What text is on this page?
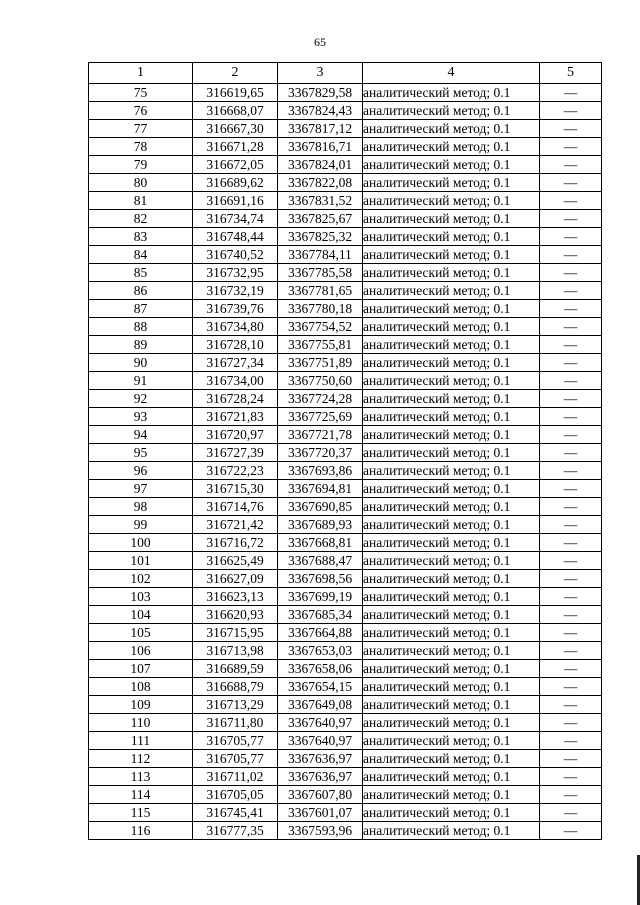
65
1	2	3	4	5
75	316619,65	3367829,58	аналитический метод; 0.1	—
76	316668,07	3367824,43	аналитический метод; 0.1	—
77	316667,30	3367817,12	аналитический метод; 0.1	—
78	316671,28	3367816,71	аналитический метод; 0.1	—
79	316672,05	3367824,01	аналитический метод; 0.1	—
80	316689,62	3367822,08	аналитический метод; 0.1	—
81	316691,16	3367831,52	аналитический метод; 0.1	—
82	316734,74	3367825,67	аналитический метод; 0.1	—
83	316748,44	3367825,32	аналитический метод; 0.1	—
84	316740,52	3367784,11	аналитический метод; 0.1	—
85	316732,95	3367785,58	аналитический метод; 0.1	—
86	316732,19	3367781,65	аналитический метод; 0.1	—
87	316739,76	3367780,18	аналитический метод; 0.1	—
88	316734,80	3367754,52	аналитический метод; 0.1	—
89	316728,10	3367755,81	аналитический метод; 0.1	—
90	316727,34	3367751,89	аналитический метод; 0.1	—
91	316734,00	3367750,60	аналитический метод; 0.1	—
92	316728,24	3367724,28	аналитический метод; 0.1	—
93	316721,83	3367725,69	аналитический метод; 0.1	—
94	316720,97	3367721,78	аналитический метод; 0.1	—
95	316727,39	3367720,37	аналитический метод; 0.1	—
96	316722,23	3367693,86	аналитический метод; 0.1	—
97	316715,30	3367694,81	аналитический метод; 0.1	—
98	316714,76	3367690,85	аналитический метод; 0.1	—
99	316721,42	3367689,93	аналитический метод; 0.1	—
100	316716,72	3367668,81	аналитический метод; 0.1	—
101	316625,49	3367688,47	аналитический метод; 0.1	—
102	316627,09	3367698,56	аналитический метод; 0.1	—
103	316623,13	3367699,19	аналитический метод; 0.1	—
104	316620,93	3367685,34	аналитический метод; 0.1	—
105	316715,95	3367664,88	аналитический метод; 0.1	—
106	316713,98	3367653,03	аналитический метод; 0.1	—
107	316689,59	3367658,06	аналитический метод; 0.1	—
108	316688,79	3367654,15	аналитический метод; 0.1	—
109	316713,29	3367649,08	аналитический метод; 0.1	—
110	316711,80	3367640,97	аналитический метод; 0.1	—
111	316705,77	3367640,97	аналитический метод; 0.1	—
112	316705,77	3367636,97	аналитический метод; 0.1	—
113	316711,02	3367636,97	аналитический метод; 0.1	—
114	316705,05	3367607,80	аналитический метод; 0.1	—
115	316745,41	3367601,07	аналитический метод; 0.1	—
116	316777,35	3367593,96	аналитический метод; 0.1	—
